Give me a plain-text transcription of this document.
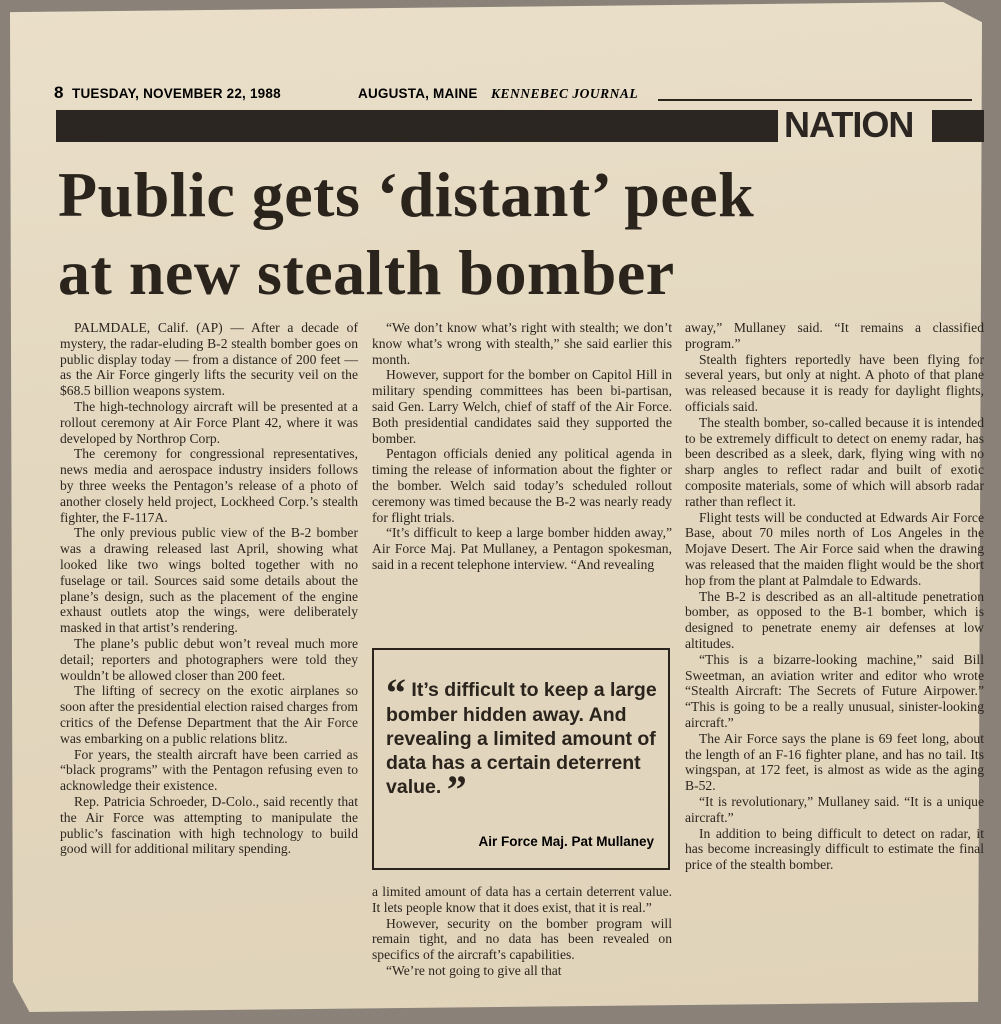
8 TUESDAY, NOVEMBER 22, 1988	AUGUSTA, MAINE KENNEBEC JOURNAL
NATION
Public gets ‘distant’ peek
at new stealth bomber

PALMDALE, Calif. (AP) — After a decade of mystery, the radar-eluding B-2 stealth bomber goes on public display today — from a distance of 200 feet — as the Air Force gingerly lifts the security veil on the $68.5 billion weapons system.

The high-technology aircraft will be presented at a rollout ceremony at Air Force Plant 42, where it was developed by Northrop Corp.

The ceremony for congressional representatives, news media and aerospace industry insiders follows by three weeks the Pentagon’s release of a photo of another closely held project, Lockheed Corp.’s stealth fighter, the F-117A.

The only previous public view of the B-2 bomber was a drawing released last April, showing what looked like two wings bolted together with no fuselage or tail. Sources said some details about the plane’s design, such as the placement of the engine exhaust outlets atop the wings, were deliberately masked in that artist’s rendering.

The plane’s public debut won’t reveal much more detail; reporters and photographers were told they wouldn’t be allowed closer than 200 feet.

The lifting of secrecy on the exotic airplanes so soon after the presidential election raised charges from critics of the Defense Department that the Air Force was embarking on a public relations blitz.

For years, the stealth aircraft have been carried as “black programs” with the Pentagon refusing even to acknowledge their existence.

Rep. Patricia Schroeder, D-Colo., said recently that the Air Force was attempting to manipulate the public’s fascination with high technology to build good will for additional military spending.

“We don’t know what’s right with stealth; we don’t know what’s wrong with stealth,” she said earlier this month.

However, support for the bomber on Capitol Hill in military spending committees has been bi-partisan, said Gen. Larry Welch, chief of staff of the Air Force. Both presidential candidates said they supported the bomber.

Pentagon officials denied any political agenda in timing the release of information about the fighter or the bomber. Welch said today’s scheduled rollout ceremony was timed because the B-2 was nearly ready for flight trials.

“It’s difficult to keep a large bomber hidden away,” Air Force Maj. Pat Mullaney, a Pentagon spokesman, said in a recent telephone interview. “And revealing

“ It’s difficult to keep a large bomber hidden away. And revealing a limited amount of data has a certain deterrent value. ”
Air Force Maj. Pat Mullaney

a limited amount of data has a certain deterrent value. It lets people know that it does exist, that it is real.”

However, security on the bomber program will remain tight, and no data has been revealed on specifics of the aircraft’s capabilities.

“We’re not going to give all that

away,” Mullaney said. “It remains a classified program.”

Stealth fighters reportedly have been flying for several years, but only at night. A photo of that plane was released because it is ready for daylight flights, officials said.

The stealth bomber, so-called because it is intended to be extremely difficult to detect on enemy radar, has been described as a sleek, dark, flying wing with no sharp angles to reflect radar and built of exotic composite materials, some of which will absorb radar rather than reflect it.

Flight tests will be conducted at Edwards Air Force Base, about 70 miles north of Los Angeles in the Mojave Desert. The Air Force said when the drawing was released that the maiden flight would be the short hop from the plant at Palmdale to Edwards.

The B-2 is described as an all-altitude penetration bomber, as opposed to the B-1 bomber, which is designed to penetrate enemy air defenses at low altitudes.

“This is a bizarre-looking machine,” said Bill Sweetman, an aviation writer and editor who wrote “Stealth Aircraft: The Secrets of Future Airpower.” “This is going to be a really unusual, sinister-looking aircraft.”

The Air Force says the plane is 69 feet long, about the length of an F-16 fighter plane, and has no tail. Its wingspan, at 172 feet, is almost as wide as the aging B-52.

“It is revolutionary,” Mullaney said. “It is a unique aircraft.”

In addition to being difficult to detect on radar, it has become increasingly difficult to estimate the final price of the stealth bomber.
